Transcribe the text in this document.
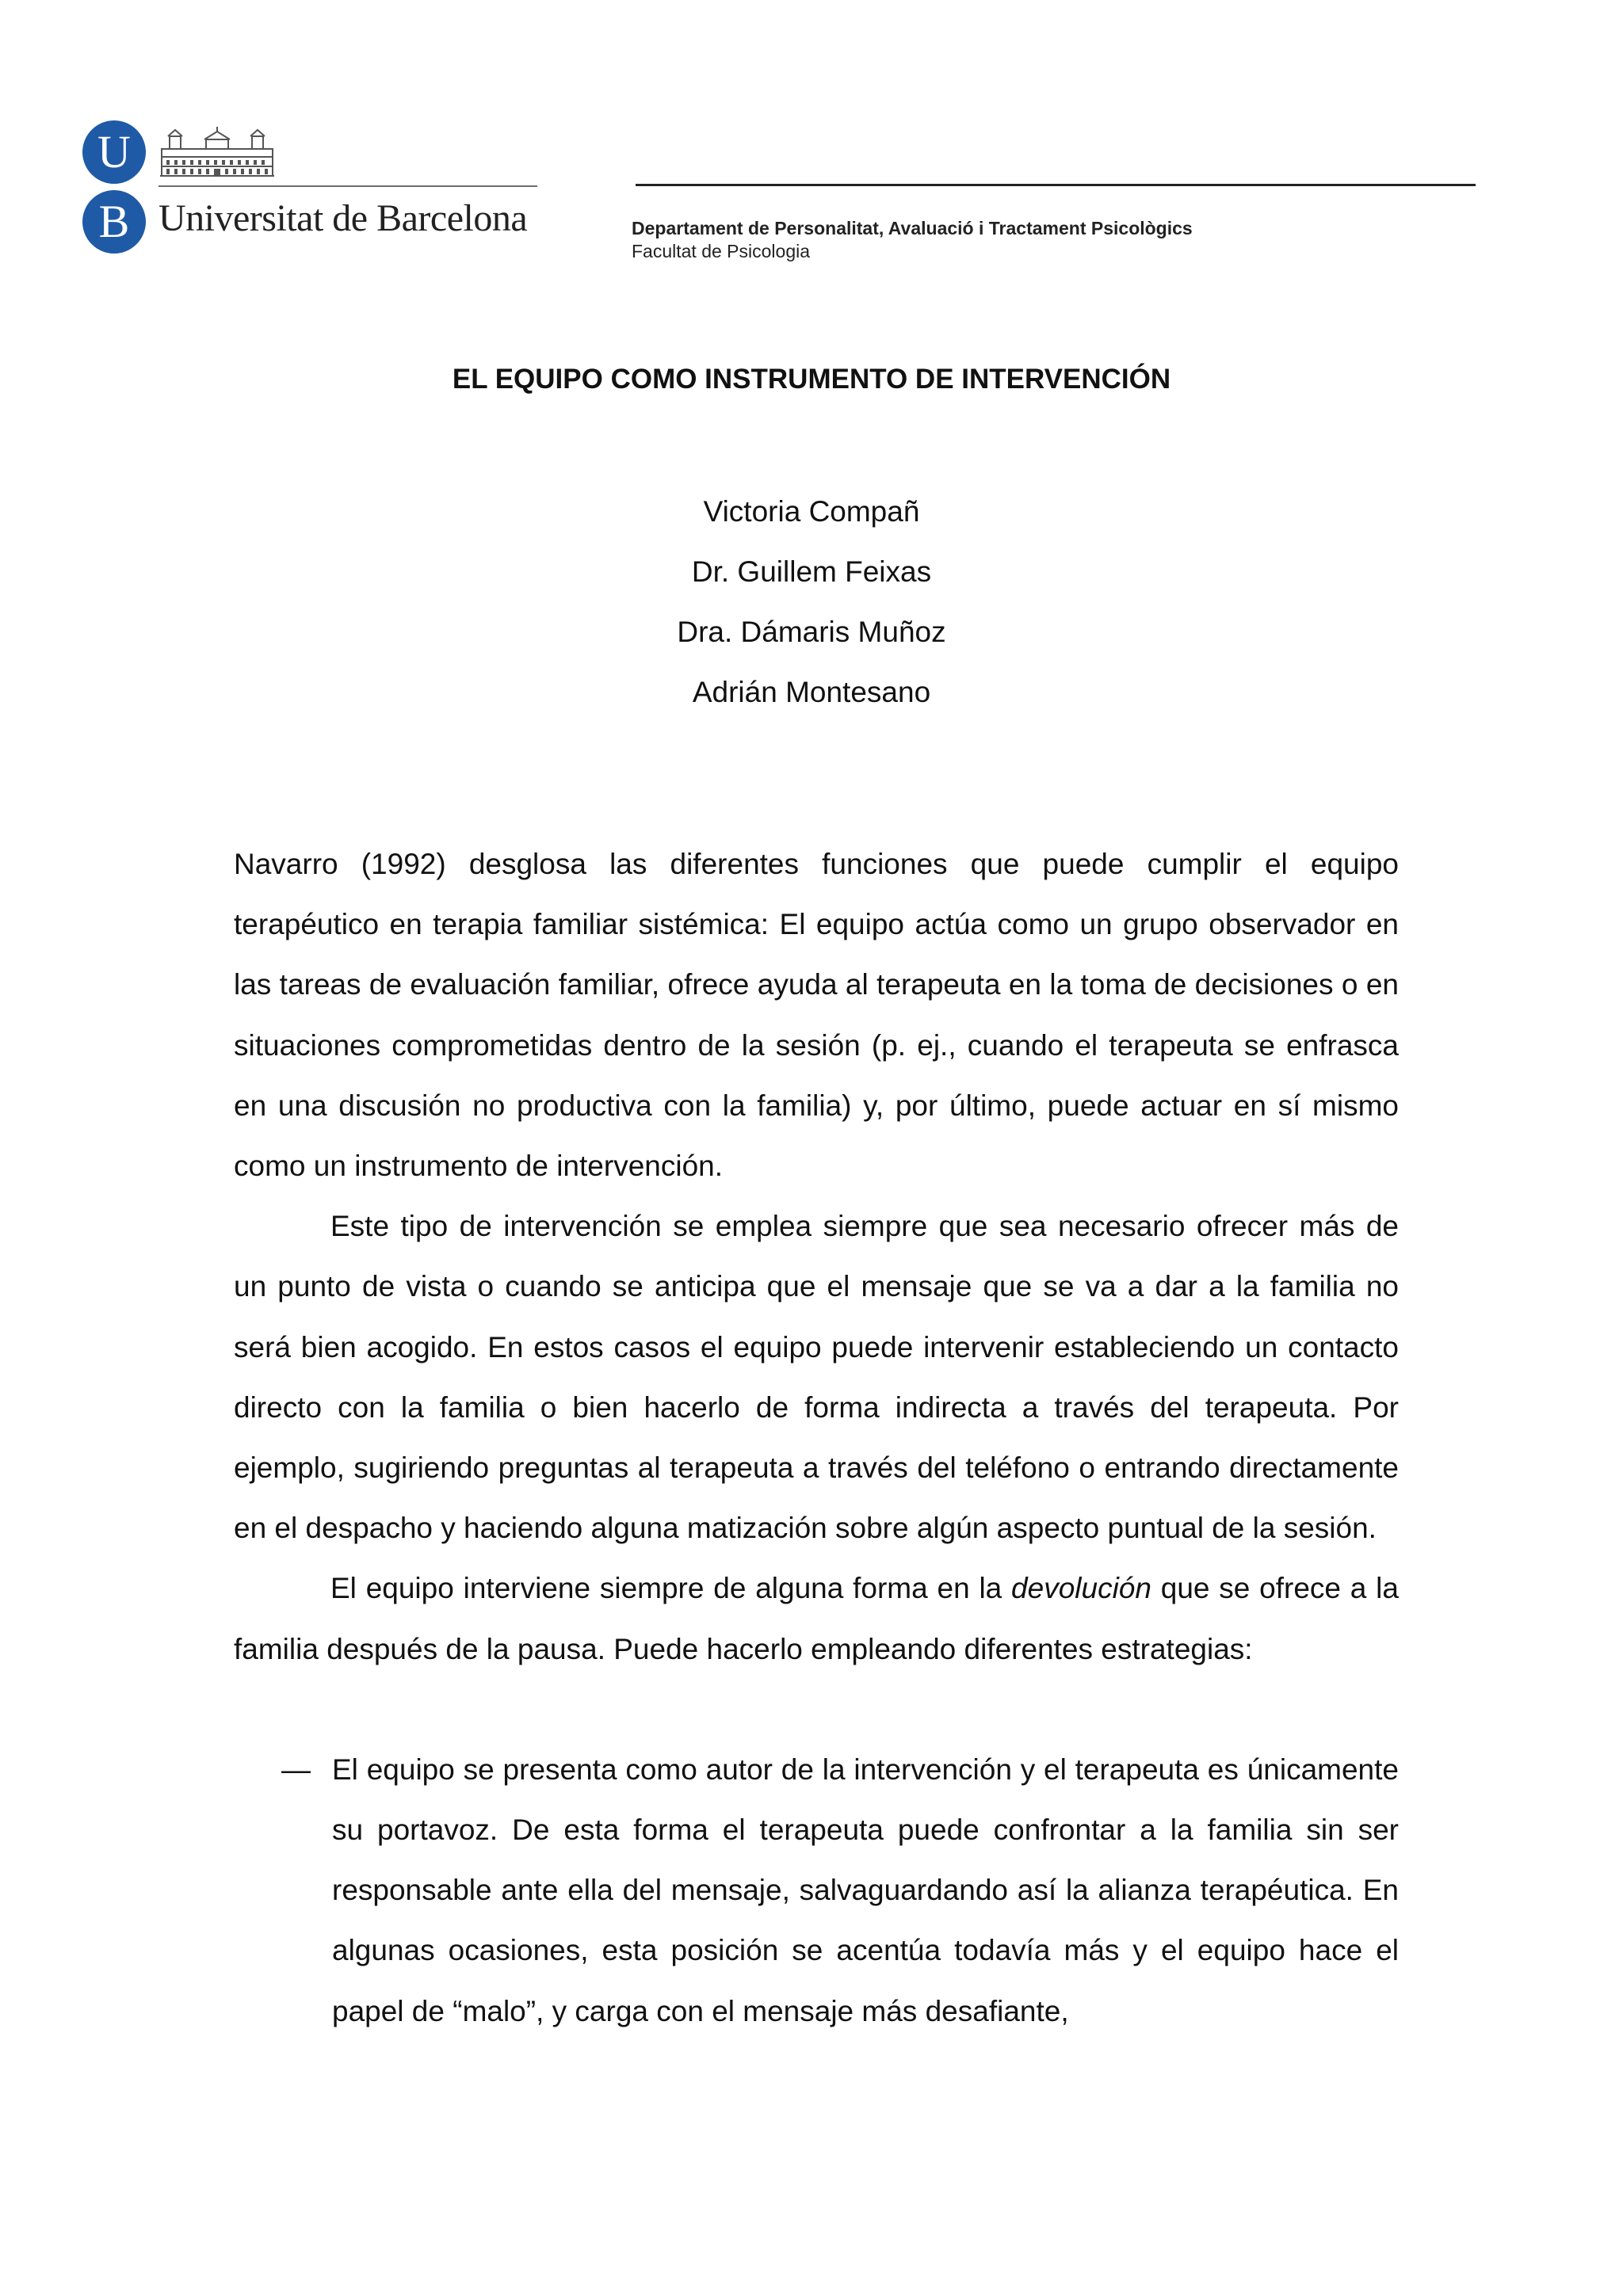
U
B Universitat de Barcelona	Departament de Personalitat, Avaluació i Tractament Psicològics
Facultat de Psicologia
EL EQUIPO COMO INSTRUMENTO DE INTERVENCIÓN
Victoria Compañ
Dr. Guillem Feixas
Dra. Dámaris Muñoz
Adrián Montesano

Navarro (1992) desglosa las diferentes funciones que puede cumplir el equipo terapéutico en terapia familiar sistémica: El equipo actúa como un grupo observador en las tareas de evaluación familiar, ofrece ayuda al terapeuta en la toma de decisiones o en situaciones comprometidas dentro de la sesión (p. ej., cuando el terapeuta se enfrasca en una discusión no productiva con la familia) y, por último, puede actuar en sí mismo como un instrumento de intervención.

Este tipo de intervención se emplea siempre que sea necesario ofrecer más de un punto de vista o cuando se anticipa que el mensaje que se va a dar a la familia no será bien acogido. En estos casos el equipo puede intervenir estableciendo un contacto directo con la familia o bien hacerlo de forma indirecta a través del terapeuta. Por ejemplo, sugiriendo preguntas al terapeuta a través del teléfono o entrando directamente en el despacho y haciendo alguna matización sobre algún aspecto puntual de la sesión.

El equipo interviene siempre de alguna forma en la devolución que se ofrece a la familia después de la pausa. Puede hacerlo empleando diferentes estrategias:

— El equipo se presenta como autor de la intervención y el terapeuta es únicamente su portavoz. De esta forma el terapeuta puede confrontar a la familia sin ser responsable ante ella del mensaje, salvaguardando así la alianza terapéutica. En algunas ocasiones, esta posición se acentúa todavía más y el equipo hace el papel de “malo”, y carga con el mensaje más desafiante,
